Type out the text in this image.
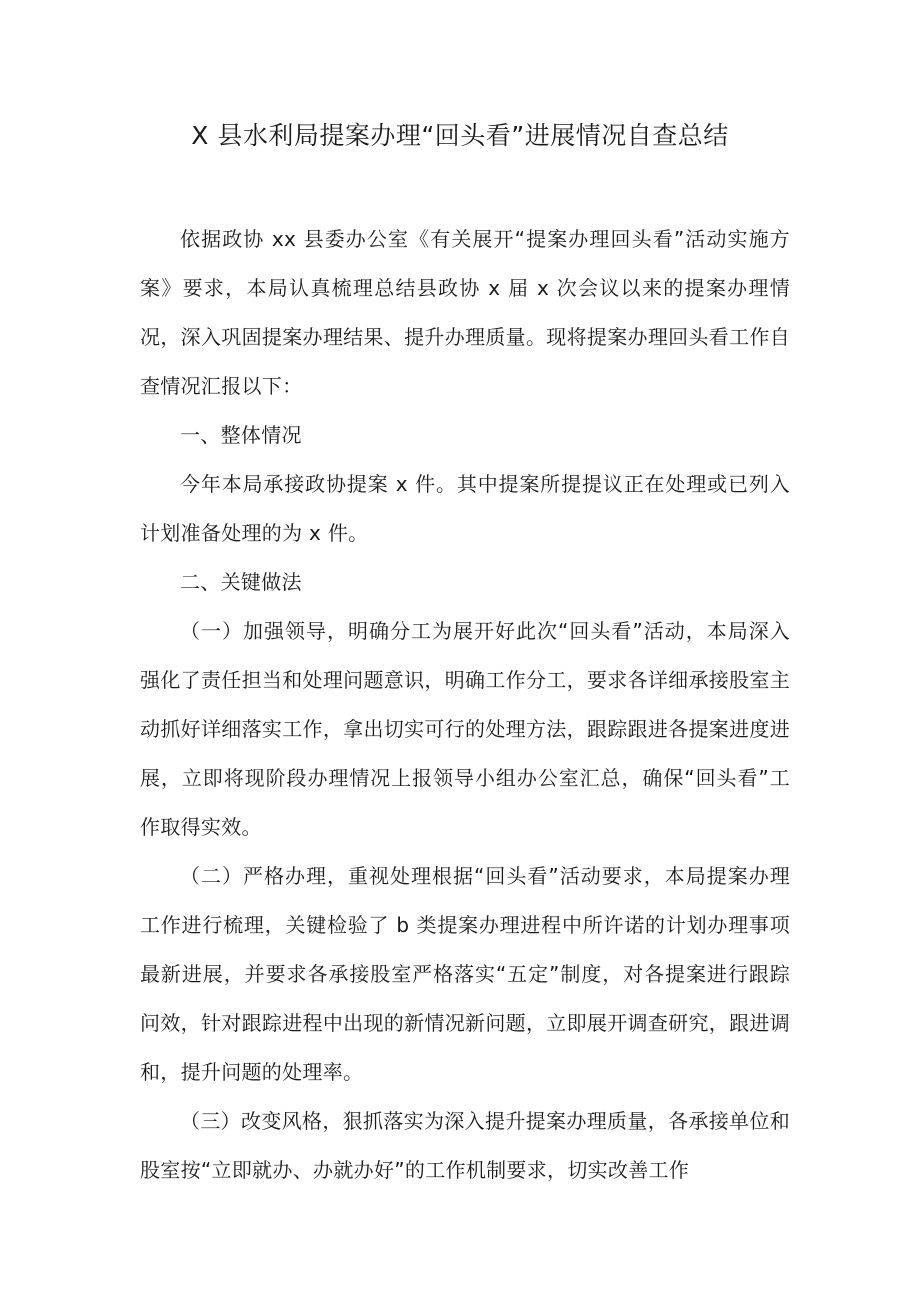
X 县水利局提案办理“回头看”进展情况自查总结

依据政协 xx 县委办公室《有关展开“提案办理回头看”活动实施方案》要求，本局认真梳理总结县政协 x 届 x 次会议以来的提案办理情况，深入巩固提案办理结果、提升办理质量。现将提案办理回头看工作自查情况汇报以下：

一、整体情况

今年本局承接政协提案 x 件。其中提案所提提议正在处理或已列入计划准备处理的为 x 件。

二、关键做法

（一）加强领导，明确分工为展开好此次“回头看”活动，本局深入强化了责任担当和处理问题意识，明确工作分工，要求各详细承接股室主动抓好详细落实工作，拿出切实可行的处理方法，跟踪跟进各提案进度进展，立即将现阶段办理情况上报领导小组办公室汇总，确保“回头看”工作取得实效。

（二）严格办理，重视处理根据“回头看”活动要求，本局提案办理工作进行梳理，关键检验了 b 类提案办理进程中所许诺的计划办理事项最新进展，并要求各承接股室严格落实“五定”制度，对各提案进行跟踪问效，针对跟踪进程中出现的新情况新问题，立即展开调查研究，跟进调和，提升问题的处理率。

（三）改变风格，狠抓落实为深入提升提案办理质量，各承接单位和股室按“立即就办、办就办好”的工作机制要求，切实改善工作
